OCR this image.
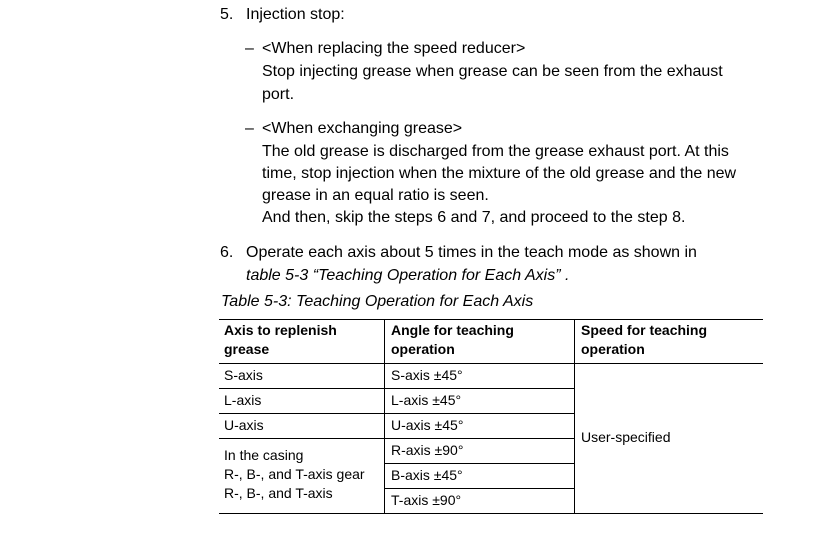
5. Injection stop:
– <When replacing the speed reducer>
Stop injecting grease when grease can be seen from the exhaust
port.
– <When exchanging grease>
The old grease is discharged from the grease exhaust port. At this
time, stop injection when the mixture of the old grease and the new
grease in an equal ratio is seen.
And then, skip the steps 6 and 7, and proceed to the step 8.
6. Operate each axis about 5 times in the teach mode as shown in
table 5-3 “Teaching Operation for Each Axis” .
Table 5-3: Teaching Operation for Each Axis
Axis to replenish
grease
Angle for teaching
operation
Speed for teaching
operation
S-axis
L-axis
U-axis
In the casing
R-, B-, and T-axis gear
R-, B-, and T-axis
S-axis ±45°
L-axis ±45°
U-axis ±45°
R-axis ±90°
B-axis ±45°
T-axis ±90°
User-specified
